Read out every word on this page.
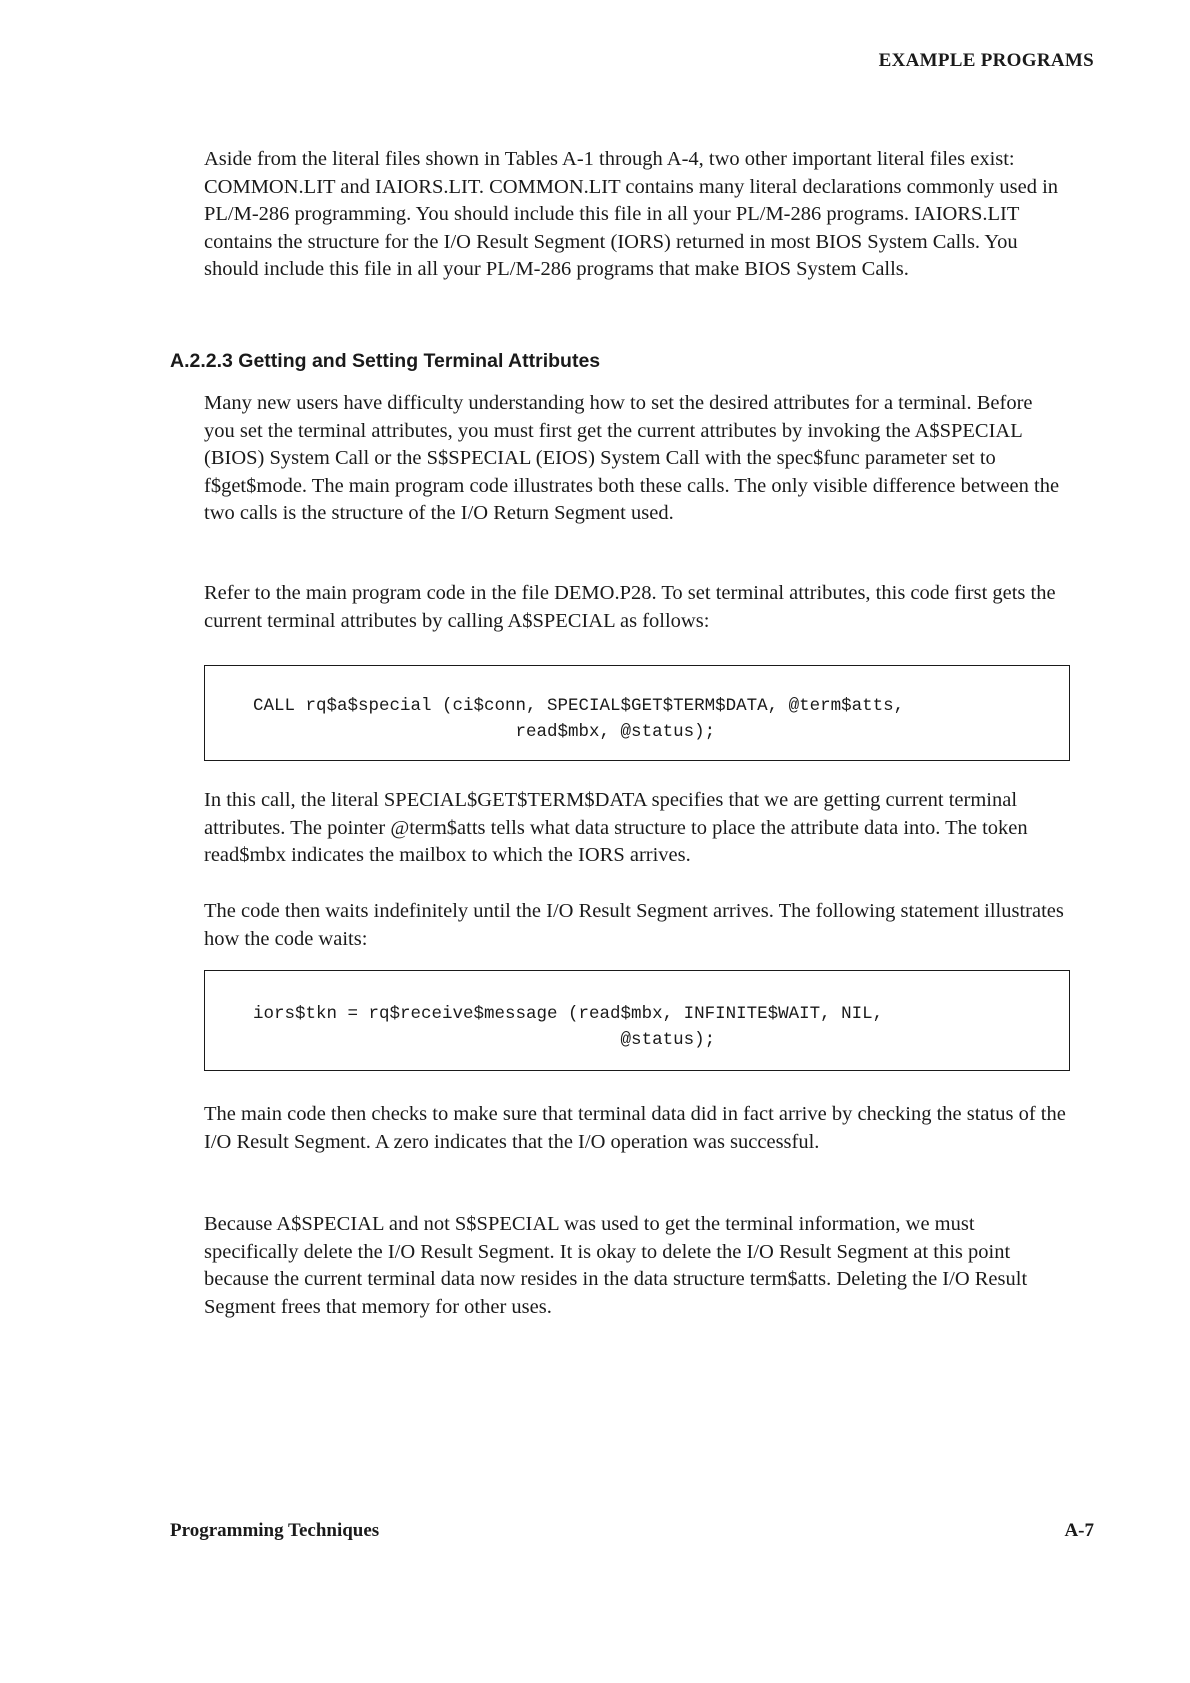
EXAMPLE PROGRAMS

Aside from the literal files shown in Tables A-1 through A-4, two other important literal files exist: COMMON.LIT and IAIORS.LIT. COMMON.LIT contains many literal declarations commonly used in PL/M-286 programming. You should include this file in all your PL/M-286 programs. IAIORS.LIT contains the structure for the I/O Result Segment (IORS) returned in most BIOS System Calls. You should include this file in all your PL/M-286 programs that make BIOS System Calls.

A.2.2.3 Getting and Setting Terminal Attributes

Many new users have difficulty understanding how to set the desired attributes for a terminal. Before you set the terminal attributes, you must first get the current attributes by invoking the A$SPECIAL (BIOS) System Call or the S$SPECIAL (EIOS) System Call with the spec$func parameter set to f$get$mode. The main program code illustrates both these calls. The only visible difference between the two calls is the structure of the I/O Return Segment used.

Refer to the main program code in the file DEMO.P28. To set terminal attributes, this code first gets the current terminal attributes by calling A$SPECIAL as follows:

CALL rq$a$special (ci$conn, SPECIAL$GET$TERM$DATA, @term$atts,
read$mbx, @status);

In this call, the literal SPECIAL$GET$TERM$DATA specifies that we are getting current terminal attributes. The pointer @term$atts tells what data structure to place the attribute data into. The token read$mbx indicates the mailbox to which the IORS arrives.

The code then waits indefinitely until the I/O Result Segment arrives. The following statement illustrates how the code waits:

iors$tkn = rq$receive$message (read$mbx, INFINITE$WAIT, NIL,
@status);

The main code then checks to make sure that terminal data did in fact arrive by checking the status of the I/O Result Segment. A zero indicates that the I/O operation was successful.

Because A$SPECIAL and not S$SPECIAL was used to get the terminal information, we must specifically delete the I/O Result Segment. It is okay to delete the I/O Result Segment at this point because the current terminal data now resides in the data structure term$atts. Deleting the I/O Result Segment frees that memory for other uses.

Programming Techniques	A-7
